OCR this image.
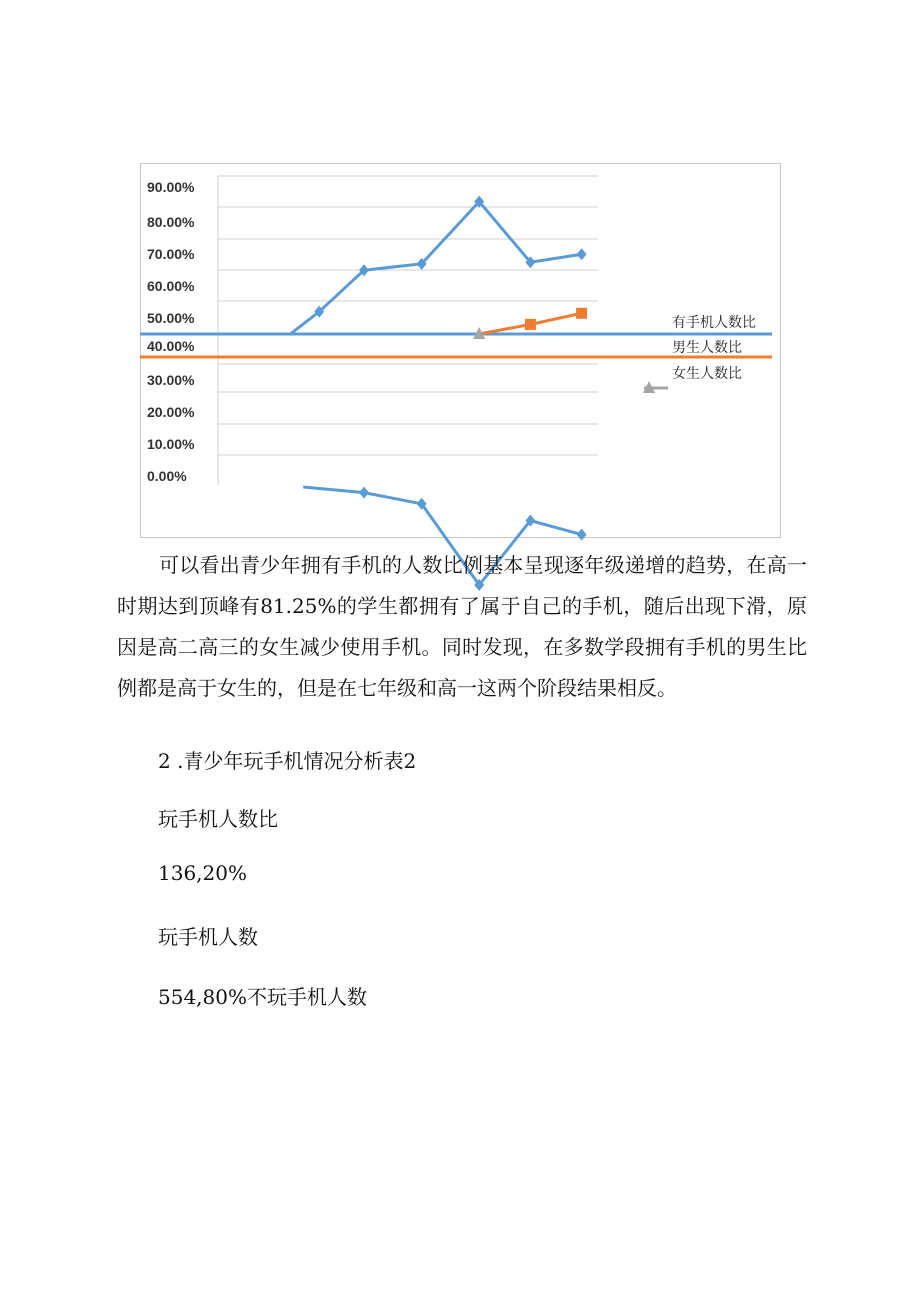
90.00%
80.00%
70.00%
60.00%
50.00%
40.00%
30.00%
20.00%
10.00%
0.00%
有手机人数比
男生人数比
女生人数比

可以看出青少年拥有手机的人数比例基本呈现逐年级递增的趋势，在高一时期达到顶峰有81.25%的学生都拥有了属于自己的手机，随后出现下滑，原因是高二高三的女生减少使用手机。同时发现，在多数学段拥有手机的男生比例都是高于女生的，但是在七年级和高一这两个阶段结果相反。

2 .青少年玩手机情况分析表2

玩手机人数比

136,20%

玩手机人数

554,80%不玩手机人数
